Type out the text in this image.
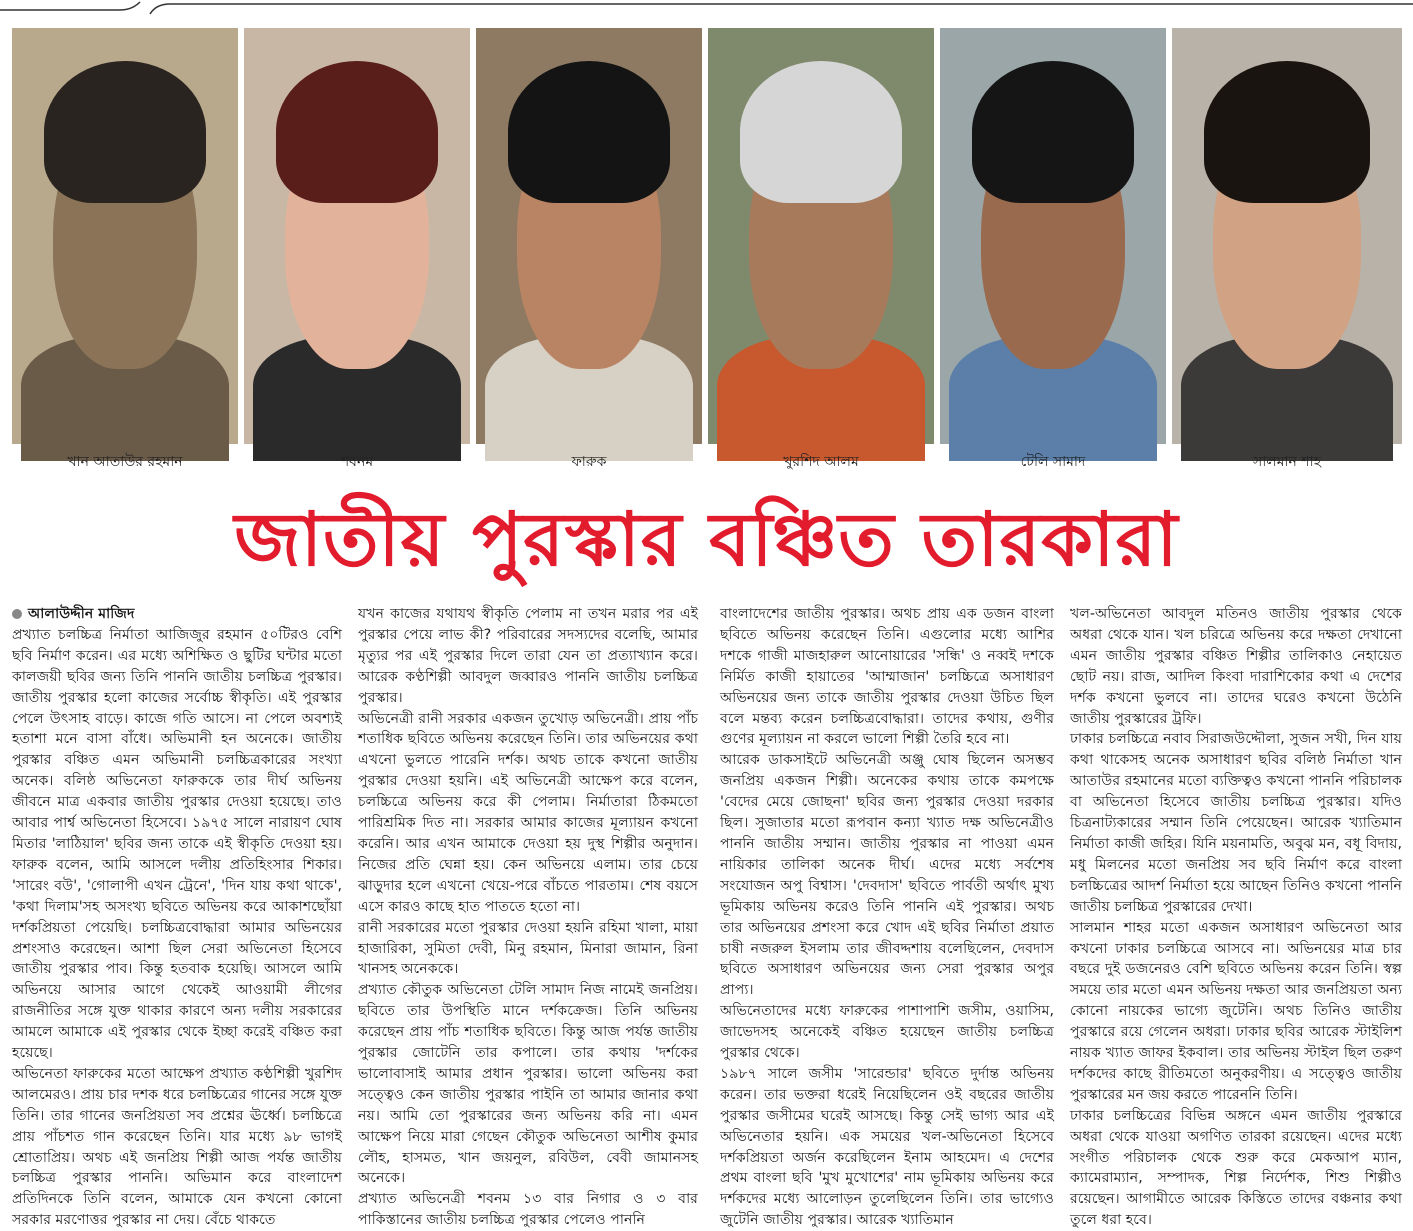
খান আতাউর রহমান	শবনম	ফারুক	খুরশিদ আলম	টেলি সামাদ	সালমান শাহ
জাতীয় পুরস্কার বঞ্চিত তারকারা

আলাউদ্দীন মাজিদ

প্রখ্যাত চলচ্চিত্র নির্মাতা আজিজুর রহমান ৫০টিরও বেশি ছবি নির্মাণ করেন। এর মধ্যে অশিক্ষিত ও ছুটির ঘন্টার মতো কালজয়ী ছবির জন্য তিনি পাননি জাতীয় চলচ্চিত্র পুরস্কার। জাতীয় পুরস্কার হলো কাজের সর্বোচ্চ স্বীকৃতি। এই পুরস্কার পেলে উৎসাহ বাড়ে। কাজে গতি আসে। না পেলে অবশ্যই হতাশা মনে বাসা বাঁধে। অভিমানী হন অনেকে। জাতীয় পুরস্কার বঞ্চিত এমন অভিমানী চলচ্চিত্রকারের সংখ্যা অনেক। বলিষ্ঠ অভিনেতা ফারুককে তার দীর্ঘ অভিনয় জীবনে মাত্র একবার জাতীয় পুরস্কার দেওয়া হয়েছে। তাও আবার পার্শ্ব অভিনেতা হিসেবে। ১৯৭৫ সালে নারায়ণ ঘোষ মিতার 'লাঠিয়াল' ছবির জন্য তাকে এই স্বীকৃতি দেওয়া হয়। ফারুক বলেন, আমি আসলে দলীয় প্রতিহিংসার শিকার। 'সারেং বউ', 'গোলাপী এখন ট্রেনে', 'দিন যায় কথা থাকে', 'কথা দিলাম'সহ অসংখ্য ছবিতে অভিনয় করে আকাশছোঁয়া দর্শকপ্রিয়তা পেয়েছি। চলচ্চিত্রবোদ্ধারা আমার অভিনয়ের প্রশংসাও করেছেন। আশা ছিল সেরা অভিনেতা হিসেবে জাতীয় পুরস্কার পাব। কিন্তু হতবাক হয়েছি। আসলে আমি অভিনয়ে আসার আগে থেকেই আওয়ামী লীগের রাজনীতির সঙ্গে যুক্ত থাকার কারণে অন্য দলীয় সরকারের আমলে আমাকে এই পুরস্কার থেকে ইচ্ছা করেই বঞ্চিত করা হয়েছে।

অভিনেতা ফারুকের মতো আক্ষেপ প্রখ্যাত কণ্ঠশিল্পী খুরশিদ আলমেরও। প্রায় চার দশক ধরে চলচ্চিত্রের গানের সঙ্গে যুক্ত তিনি। তার গানের জনপ্রিয়তা সব প্রশ্নের ঊর্ধ্বে। চলচ্চিত্রে প্রায় পাঁচশত গান করেছেন তিনি। যার মধ্যে ৯৮ ভাগই শ্রোতাপ্রিয়। অথচ এই জনপ্রিয় শিল্পী আজ পর্যন্ত জাতীয় চলচ্চিত্র পুরস্কার পাননি। অভিমান করে বাংলাদেশ প্রতিদিনকে তিনি বলেন, আমাকে যেন কখনো কোনো সরকার মরণোত্তর পুরস্কার না দেয়। বেঁচে থাকতে

যখন কাজের যথাযথ স্বীকৃতি পেলাম না তখন মরার পর এই পুরস্কার পেয়ে লাভ কী? পরিবারের সদস্যদের বলেছি, আমার মৃত্যুর পর এই পুরস্কার দিলে তারা যেন তা প্রত্যাখ্যান করে। আরেক কণ্ঠশিল্পী আবদুল জব্বারও পাননি জাতীয় চলচ্চিত্র পুরস্কার।

অভিনেত্রী রানী সরকার একজন তুখোড় অভিনেত্রী। প্রায় পাঁচ শতাধিক ছবিতে অভিনয় করেছেন তিনি। তার অভিনয়ের কথা এখনো ভুলতে পারেনি দর্শক। অথচ তাকে কখনো জাতীয় পুরস্কার দেওয়া হয়নি। এই অভিনেত্রী আক্ষেপ করে বলেন, চলচ্চিত্রে অভিনয় করে কী পেলাম। নির্মাতারা ঠিকমতো পারিশ্রমিক দিত না। সরকার আমার কাজের মূল্যায়ন কখনো করেনি। আর এখন আমাকে দেওয়া হয় দুস্থ শিল্পীর অনুদান। নিজের প্রতি ঘেন্না হয়। কেন অভিনয়ে এলাম। তার চেয়ে ঝাড়ুদার হলে এখনো খেয়ে-পরে বাঁচতে পারতাম। শেষ বয়সে এসে কারও কাছে হাত পাততে হতো না।

রানী সরকারের মতো পুরস্কার দেওয়া হয়নি রহিমা খালা, মায়া হাজারিকা, সুমিতা দেবী, মিনু রহমান, মিনারা জামান, রিনা খানসহ অনেককে।

প্রখ্যাত কৌতুক অভিনেতা টেলি সামাদ নিজ নামেই জনপ্রিয়। ছবিতে তার উপস্থিতি মানে দর্শকক্রেজ। তিনি অভিনয় করেছেন প্রায় পাঁচ শতাধিক ছবিতে। কিন্তু আজ পর্যন্ত জাতীয় পুরস্কার জোটেনি তার কপালে। তার কথায় 'দর্শকের ভালোবাসাই আমার প্রধান পুরস্কার। ভালো অভিনয় করা সত্ত্বেও কেন জাতীয় পুরস্কার পাইনি তা আমার জানার কথা নয়। আমি তো পুরস্কারের জন্য অভিনয় করি না। এমন আক্ষেপ নিয়ে মারা গেছেন কৌতুক অভিনেতা আশীষ কুমার লৌহ, হাসমত, খান জয়নুল, রবিউল, বেবী জামানসহ অনেকে।

প্রখ্যাত অভিনেত্রী শবনম ১৩ বার নিগার ও ৩ বার পাকিস্তানের জাতীয় চলচ্চিত্র পুরস্কার পেলেও পাননি

বাংলাদেশের জাতীয় পুরস্কার। অথচ প্রায় এক ডজন বাংলা ছবিতে অভিনয় করেছেন তিনি। এগুলোর মধ্যে আশির দশকে গাজী মাজহারুল আনোয়ারের 'সন্ধি' ও নব্বই দশকে নির্মিত কাজী হায়াতের 'আম্মাজান' চলচ্চিত্রে অসাধারণ অভিনয়ের জন্য তাকে জাতীয় পুরস্কার দেওয়া উচিত ছিল বলে মন্তব্য করেন চলচ্চিত্রবোদ্ধারা। তাদের কথায়, গুণীর গুণের মূল্যায়ন না করলে ভালো শিল্পী তৈরি হবে না।

আরেক ডাকসাইটে অভিনেত্রী অঞ্জু ঘোষ ছিলেন অসম্ভব জনপ্রিয় একজন শিল্পী। অনেকের কথায় তাকে কমপক্ষে 'বেদের মেয়ে জোছনা' ছবির জন্য পুরস্কার দেওয়া দরকার ছিল। সুজাতার মতো রূপবান কন্যা খ্যাত দক্ষ অভিনেত্রীও পাননি জাতীয় সম্মান। জাতীয় পুরস্কার না পাওয়া এমন নায়িকার তালিকা অনেক দীর্ঘ। এদের মধ্যে সর্বশেষ সংযোজন অপু বিশ্বাস। 'দেবদাস' ছবিতে পার্বতী অর্থাৎ মুখ্য ভূমিকায় অভিনয় করেও তিনি পাননি এই পুরস্কার। অথচ তার অভিনয়ের প্রশংসা করে খোদ এই ছবির নির্মাতা প্রয়াত চাষী নজরুল ইসলাম তার জীবদ্দশায় বলেছিলেন, দেবদাস ছবিতে অসাধারণ অভিনয়ের জন্য সেরা পুরস্কার অপুর প্রাপ্য।

অভিনেতাদের মধ্যে ফারুকের পাশাপাশি জসীম, ওয়াসিম, জাভেদসহ অনেকেই বঞ্চিত হয়েছেন জাতীয় চলচ্চিত্র পুরস্কার থেকে।

১৯৮৭ সালে জসীম 'সারেন্ডার' ছবিতে দুর্দান্ত অভিনয় করেন। তার ভক্তরা ধরেই নিয়েছিলেন ওই বছরের জাতীয় পুরস্কার জসীমের ঘরেই আসছে। কিন্তু সেই ভাগ্য আর এই অভিনেতার হয়নি। এক সময়ের খল-অভিনেতা হিসেবে দর্শকপ্রিয়তা অর্জন করেছিলেন ইনাম আহমেদ। এ দেশের প্রথম বাংলা ছবি 'মুখ মুখোশের' নাম ভূমিকায় অভিনয় করে দর্শকদের মধ্যে আলোড়ন তুলেছিলেন তিনি। তার ভাগ্যেও জুটেনি জাতীয় পুরস্কার। আরেক খ্যাতিমান

খল-অভিনেতা আবদুল মতিনও জাতীয় পুরস্কার থেকে অধরা থেকে যান। খল চরিত্রে অভিনয় করে দক্ষতা দেখানো এমন জাতীয় পুরস্কার বঞ্চিত শিল্পীর তালিকাও নেহায়েত ছোট নয়। রাজ, আদিল কিংবা দারাশিকোর কথা এ দেশের দর্শক কখনো ভুলবে না। তাদের ঘরেও কখনো উঠেনি জাতীয় পুরস্কারের ট্রফি।

ঢাকার চলচ্চিত্রে নবাব সিরাজউদ্দৌলা, সুজন সখী, দিন যায় কথা থাকেসহ অনেক অসাধারণ ছবির বলিষ্ঠ নির্মাতা খান আতাউর রহমানের মতো ব্যক্তিত্বও কখনো পাননি পরিচালক বা অভিনেতা হিসেবে জাতীয় চলচ্চিত্র পুরস্কার। যদিও চিত্রনাট্যকারের সম্মান তিনি পেয়েছেন। আরেক খ্যাতিমান নির্মাতা কাজী জহির। যিনি ময়নামতি, অবুঝ মন, বধূ বিদায়, মধু মিলনের মতো জনপ্রিয় সব ছবি নির্মাণ করে বাংলা চলচ্চিত্রের আদর্শ নির্মাতা হয়ে আছেন তিনিও কখনো পাননি জাতীয় চলচ্চিত্র পুরস্কারের দেখা।

সালমান শাহর মতো একজন অসাধারণ অভিনেতা আর কখনো ঢাকার চলচ্চিত্রে আসবে না। অভিনয়ের মাত্র চার বছরে দুই ডজনেরও বেশি ছবিতে অভিনয় করেন তিনি। স্বল্প সময়ে তার মতো এমন অভিনয় দক্ষতা আর জনপ্রিয়তা অন্য কোনো নায়কের ভাগ্যে জুটেনি। অথচ তিনিও জাতীয় পুরস্কারে রয়ে গেলেন অধরা। ঢাকার ছবির আরেক স্টাইলিশ নায়ক খ্যাত জাফর ইকবাল। তার অভিনয় স্টাইল ছিল তরুণ দর্শকদের কাছে রীতিমতো অনুকরণীয়। এ সত্ত্বেও জাতীয় পুরস্কারের মন জয় করতে পারেননি তিনি।

ঢাকার চলচ্চিত্রের বিভিন্ন অঙ্গনে এমন জাতীয় পুরস্কারে অধরা থেকে যাওয়া অগণিত তারকা রয়েছেন। এদের মধ্যে সংগীত পরিচালক থেকে শুরু করে মেকআপ ম্যান, ক্যামেরাম্যান, সম্পাদক, শিল্প নির্দেশক, শিশু শিল্পীও রয়েছেন। আগামীতে আরেক কিস্তিতে তাদের বঞ্চনার কথা তুলে ধরা হবে।
